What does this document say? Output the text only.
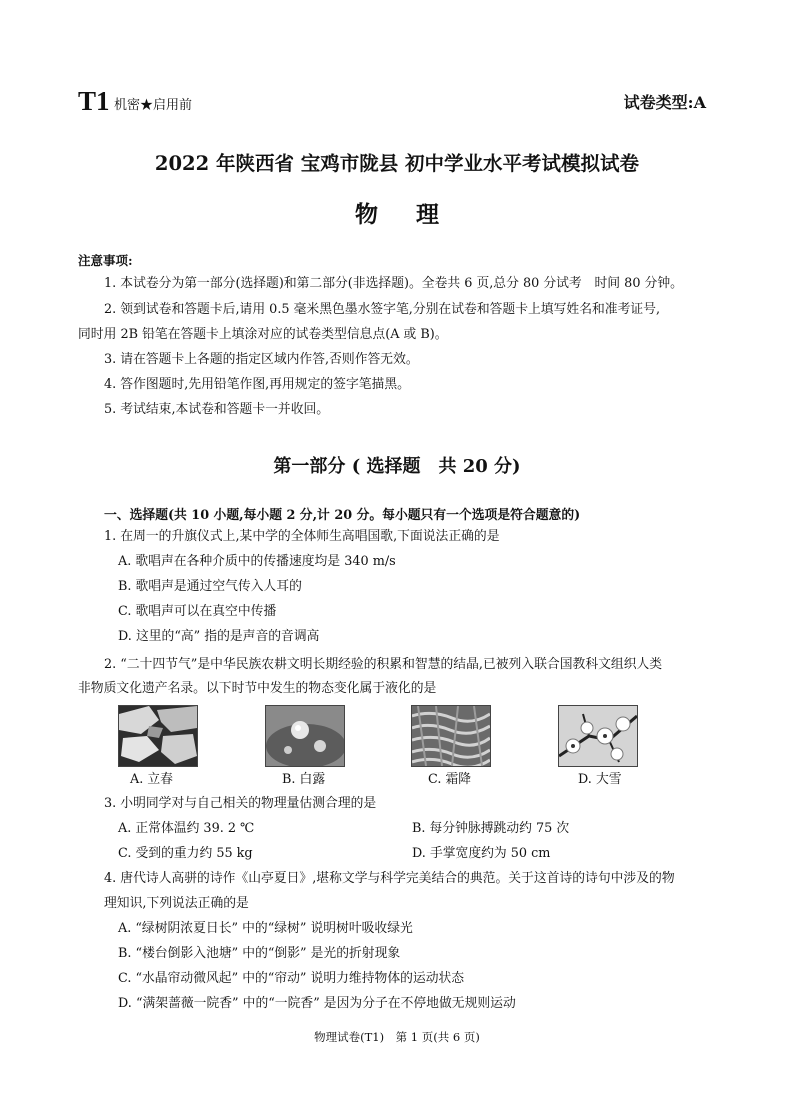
T1 机密★启用前	试卷类型:A
2022 年陕西省 宝鸡市陇县 初中学业水平考试模拟试卷
物理
注意事项:
1. 本试卷分为第一部分(选择题)和第二部分(非选择题)。全卷共 6 页,总分 80 分试考　时间 80 分钟。
2. 领到试卷和答题卡后,请用 0.5 毫米黑色墨水签字笔,分别在试卷和答题卡上填写姓名和准考证号,
同时用 2B 铅笔在答题卡上填涂对应的试卷类型信息点(A 或 B)。
3. 请在答题卡上各题的指定区域内作答,否则作答无效。
4. 答作图题时,先用铅笔作图,再用规定的签字笔描黑。
5. 考试结束,本试卷和答题卡一并收回。
第一部分 ( 选择题　共 20 分)
一、选择题(共 10 小题,每小题 2 分,计 20 分。每小题只有一个选项是符合题意的)
1. 在周一的升旗仪式上,某中学的全体师生高唱国歌,下面说法正确的是
A. 歌唱声在各种介质中的传播速度均是 340 m/s
B. 歌唱声是通过空气传入人耳的
C. 歌唱声可以在真空中传播
D. 这里的“高” 指的是声音的音调高
2. “二十四节气”是中华民族农耕文明长期经验的积累和智慧的结晶,已被列入联合国教科文组织人类
非物质文化遗产名录。以下时节中发生的物态变化属于液化的是
A. 立春	B. 白露	C. 霜降	D. 大雪
3. 小明同学对与自己相关的物理量估测合理的是
A. 正常体温约 39. 2 ℃	B. 每分钟脉搏跳动约 75 次
C. 受到的重力约 55 kg	D. 手掌宽度约为 50 cm
4. 唐代诗人高骈的诗作《山亭夏日》,堪称文学与科学完美结合的典范。关于这首诗的诗句中涉及的物
理知识,下列说法正确的是
A. “绿树阴浓夏日长” 中的“绿树” 说明树叶吸收绿光
B. “楼台倒影入池塘” 中的“倒影” 是光的折射现象
C. “水晶帘动微风起” 中的“帘动” 说明力维持物体的运动状态
D. “满架蔷薇一院香” 中的“一院香” 是因为分子在不停地做无规则运动
物理试卷(T1)　第 1 页(共 6 页)
